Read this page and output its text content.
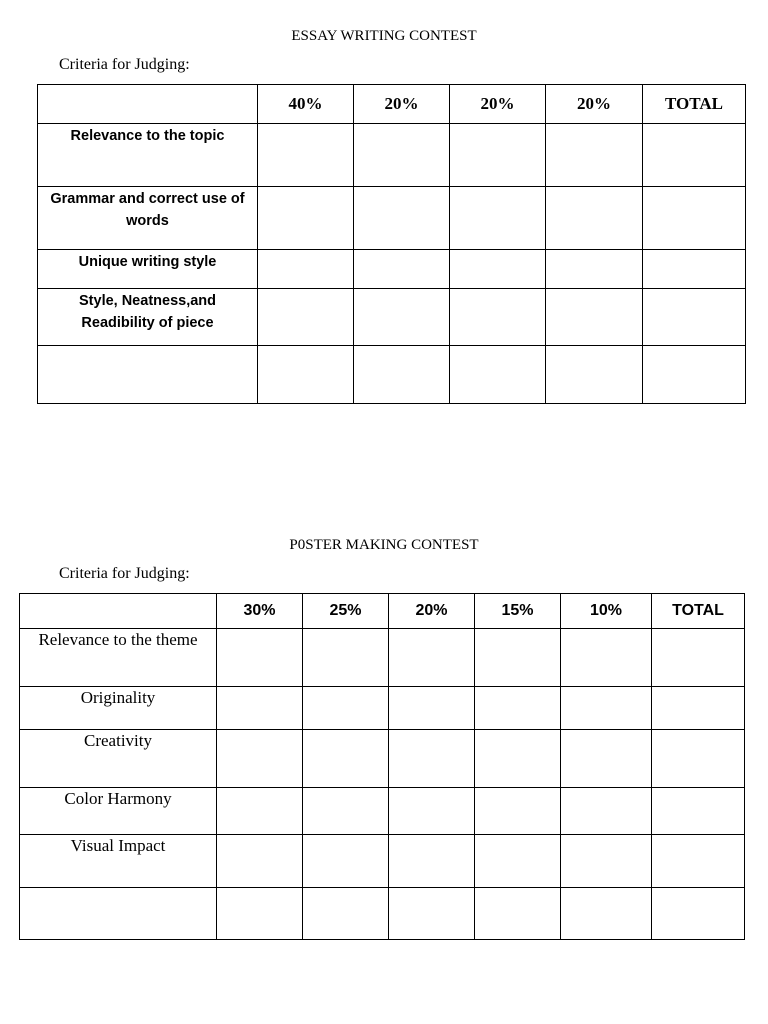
ESSAY WRITING CONTEST
Criteria for Judging:
	40%	20%	20%	20%	TOTAL

Relevance to the topic					

Grammar and correct use of words					

Unique writing style					

Style, Neatness,and Readibility of piece					

P0STER MAKING CONTEST
Criteria for Judging:
	30%	25%	20%	15%	10%	TOTAL
Relevance to the theme						
Originality						
Creativity						
Color Harmony						
Visual Impact						
